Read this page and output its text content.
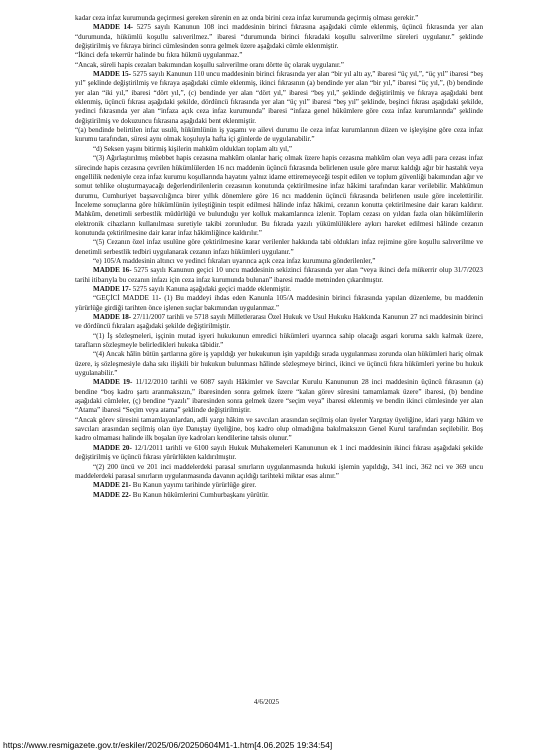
kadar ceza infaz kurumunda geçirmesi gereken sürenin en az onda birini ceza infaz kurumunda geçirmiş olması gerekir.”

MADDE 14- 5275 sayılı Kanunun 108 inci maddesinin birinci fıkrasına aşağıdaki cümle eklenmiş, üçüncü fıkrasında yer alan “durumunda, hükümlü koşullu salıverilmez.” ibaresi “durumunda birinci fıkradaki koşullu salıverilme süreleri uygulanır.” şeklinde değiştirilmiş ve fıkraya birinci cümlesinden sonra gelmek üzere aşağıdaki cümle eklenmiştir.

“İkinci defa tekerrür halinde bu fıkra hükmü uygulanmaz.”

“Ancak, süreli hapis cezaları bakımından koşullu salıverilme oranı dörtte üç olarak uygulanır.”

MADDE 15- 5275 sayılı Kanunun 110 uncu maddesinin birinci fıkrasında yer alan “bir yıl altı ay,” ibaresi “üç yıl,”, “üç yıl” ibaresi “beş yıl” şeklinde değiştirilmiş ve fıkraya aşağıdaki cümle eklenmiş, ikinci fıkrasının (a) bendinde yer alan “bir yıl,” ibaresi “üç yıl,”, (b) bendinde yer alan “iki yıl,” ibaresi “dört yıl,”, (c) bendinde yer alan “dört yıl,” ibaresi “beş yıl,” şeklinde değiştirilmiş ve fıkraya aşağıdaki bent eklenmiş, üçüncü fıkrası aşağıdaki şekilde, dördüncü fıkrasında yer alan “üç yıl” ibaresi “beş yıl” şeklinde, beşinci fıkrası aşağıdaki şekilde, yedinci fıkrasında yer alan “infaza açık ceza infaz kurumunda” ibaresi “infaza genel hükümlere göre ceza infaz kurumlarında” şeklinde değiştirilmiş ve dokuzuncu fıkrasına aşağıdaki bent eklenmiştir.

“(a) bendinde belirtilen infaz usulü, hükümlünün iş yaşamı ve ailevi durumu ile ceza infaz kurumlarının düzen ve işleyişine göre ceza infaz kurumu tarafından, süresi aynı olmak koşuluyla hafta içi günlerde de uygulanabilir.”

“d) Seksen yaşını bitirmiş kişilerin mahkûm oldukları toplam altı yıl,”

“(3) Ağırlaştırılmış müebbet hapis cezasına mahkûm olanlar hariç olmak üzere hapis cezasına mahkûm olan veya adli para cezası infaz sürecinde hapis cezasına çevrilen hükümlülerden 16 ncı maddenin üçüncü fıkrasında belirlenen usule göre maruz kaldığı ağır bir hastalık veya engellilik nedeniyle ceza infaz kurumu koşullarında hayatını yalnız idame ettiremeyeceği tespit edilen ve toplum güvenliği bakımından ağır ve somut tehlike oluşturmayacağı değerlendirilenlerin cezasının konutunda çektirilmesine infaz hâkimi tarafından karar verilebilir. Mahkûmun durumu, Cumhuriyet başsavcılığınca birer yıllık dönemlere göre 16 ncı maddenin üçüncü fıkrasında belirlenen usule göre incelettirilir. İnceleme sonuçlarına göre hükümlünün iyileştiğinin tespit edilmesi hâlinde infaz hâkimi, cezanın konutta çektirilmesine dair kararı kaldırır. Mahkûm, denetimli serbestlik müdürlüğü ve bulunduğu yer kolluk makamlarınca izlenir. Toplam cezası on yıldan fazla olan hükümlülerin elektronik cihazların kullanılması suretiyle takibi zorunludur. Bu fıkrada yazılı yükümlülüklere aykırı hareket edilmesi hâlinde cezanın konutunda çektirilmesine dair karar infaz hâkimliğince kaldırılır.”

“(5) Cezanın özel infaz usulüne göre çektirilmesine karar verilenler hakkında tabi oldukları infaz rejimine göre koşullu salıverilme ve denetimli serbestlik tedbiri uygulanarak cezanın infazı hükümleri uygulanır.”

“e) 105/A maddesinin altıncı ve yedinci fıkraları uyarınca açık ceza infaz kurumuna gönderilenler,”

MADDE 16- 5275 sayılı Kanunun geçici 10 uncu maddesinin sekizinci fıkrasında yer alan “veya ikinci defa mükerrir olup 31/7/2023 tarihi itibarıyla bu cezanın infazı için ceza infaz kurumunda bulunan” ibaresi madde metninden çıkarılmıştır.

MADDE 17- 5275 sayılı Kanuna aşağıdaki geçici madde eklenmiştir.

“GEÇİCİ MADDE 11- (1) Bu maddeyi ihdas eden Kanunla 105/A maddesinin birinci fıkrasında yapılan düzenleme, bu maddenin yürürlüğe girdiği tarihten önce işlenen suçlar bakımından uygulanmaz.”

MADDE 18- 27/11/2007 tarihli ve 5718 sayılı Milletlerarası Özel Hukuk ve Usul Hukuku Hakkında Kanunun 27 nci maddesinin birinci ve dördüncü fıkraları aşağıdaki şekilde değiştirilmiştir.

“(1) İş sözleşmeleri, işçinin mutad işyeri hukukunun emredici hükümleri uyarınca sahip olacağı asgari koruma saklı kalmak üzere, tarafların sözleşmeyle belirledikleri hukuka tâbidir.”

“(4) Ancak hâlin bütün şartlarına göre iş yapıldığı yer hukukunun işin yapıldığı sırada uygulanması zorunda olan hükümleri hariç olmak üzere, iş sözleşmesiyle daha sıkı ilişkili bir hukukun bulunması hâlinde sözleşmeye birinci, ikinci ve üçüncü fıkra hükümleri yerine bu hukuk uygulanabilir.”

MADDE 19- 11/12/2010 tarihli ve 6087 sayılı Hâkimler ve Savcılar Kurulu Kanununun 28 inci maddesinin üçüncü fıkrasının (a) bendine “boş kadro şartı aranmaksızın,” ibaresinden sonra gelmek üzere “kalan görev süresini tamamlamak üzere” ibaresi, (b) bendine aşağıdaki cümleler, (ç) bendine “yazılı” ibaresinden sonra gelmek üzere “seçim veya” ibaresi eklenmiş ve bendin ikinci cümlesinde yer alan “Atama” ibaresi “Seçim veya atama” şeklinde değiştirilmiştir.

“Ancak görev süresini tamamlayanlardan, adli yargı hâkim ve savcıları arasından seçilmiş olan üyeler Yargıtay üyeliğine, idari yargı hâkim ve savcıları arasından seçilmiş olan üye Danıştay üyeliğine, boş kadro olup olmadığına bakılmaksızın Genel Kurul tarafından seçilebilir. Boş kadro olmaması halinde ilk boşalan üye kadroları kendilerine tahsis olunur.”

MADDE 20- 12/1/2011 tarihli ve 6100 sayılı Hukuk Muhakemeleri Kanununun ek 1 inci maddesinin ikinci fıkrası aşağıdaki şekilde değiştirilmiş ve üçüncü fıkrası yürürlükten kaldırılmıştır.

“(2) 200 üncü ve 201 inci maddelerdeki parasal sınırların uygulanmasında hukuki işlemin yapıldığı, 341 inci, 362 nci ve 369 uncu maddelerdeki parasal sınırların uygulanmasında davanın açıldığı tarihteki miktar esas alınır.”

MADDE 21- Bu Kanun yayımı tarihinde yürürlüğe girer.

MADDE 22- Bu Kanun hükümlerini Cumhurbaşkanı yürütür.

4/6/2025
https://www.resmigazete.gov.tr/eskiler/2025/06/20250604M1-1.htm[4.06.2025 19:34:54]
